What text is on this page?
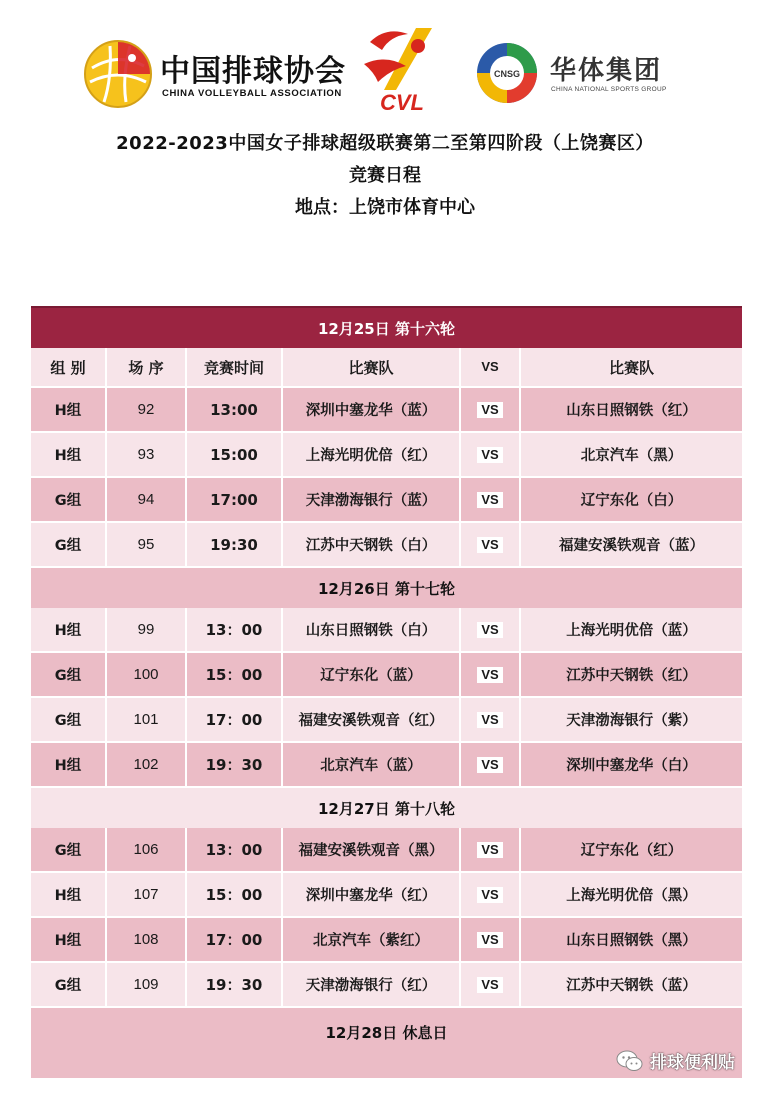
中国排球协会
CHINA VOLLEYBALL ASSOCIATION CVL
CNSG 华体集团
CHINA NATIONAL SPORTS GROUP
2022-2023中国女子排球超级联赛第二至第四阶段（上饶赛区）
竞赛日程
地点：上饶市体育中心
12月25日 第十六轮
组 别	场 序	竞赛时间	比赛队	VS	比赛队
H组	92	13:00	深圳中塞龙华（蓝）	VS	山东日照钢铁（红）
H组	93	15:00	上海光明优倍（红）	VS	北京汽车（黑）
G组	94	17:00	天津渤海银行（蓝）	VS	辽宁东化（白）
G组	95	19:30	江苏中天钢铁（白）	VS	福建安溪铁观音（蓝）
12月26日 第十七轮
H组	99	13：00	山东日照钢铁（白）	VS	上海光明优倍（蓝）
G组	100	15：00	辽宁东化（蓝）	VS	江苏中天钢铁（红）
G组	101	17：00	福建安溪铁观音（红）	VS	天津渤海银行（紫）
H组	102	19：30	北京汽车（蓝）	VS	深圳中塞龙华（白）
12月27日 第十八轮
G组	106	13：00	福建安溪铁观音（黑）	VS	辽宁东化（红）
H组	107	15：00	深圳中塞龙华（红）	VS	上海光明优倍（黑）
H组	108	17：00	北京汽车（紫红）	VS	山东日照钢铁（黑）
G组	109	19：30	天津渤海银行（红）	VS	江苏中天钢铁（蓝）
12月28日 休息日
排球便利贴
